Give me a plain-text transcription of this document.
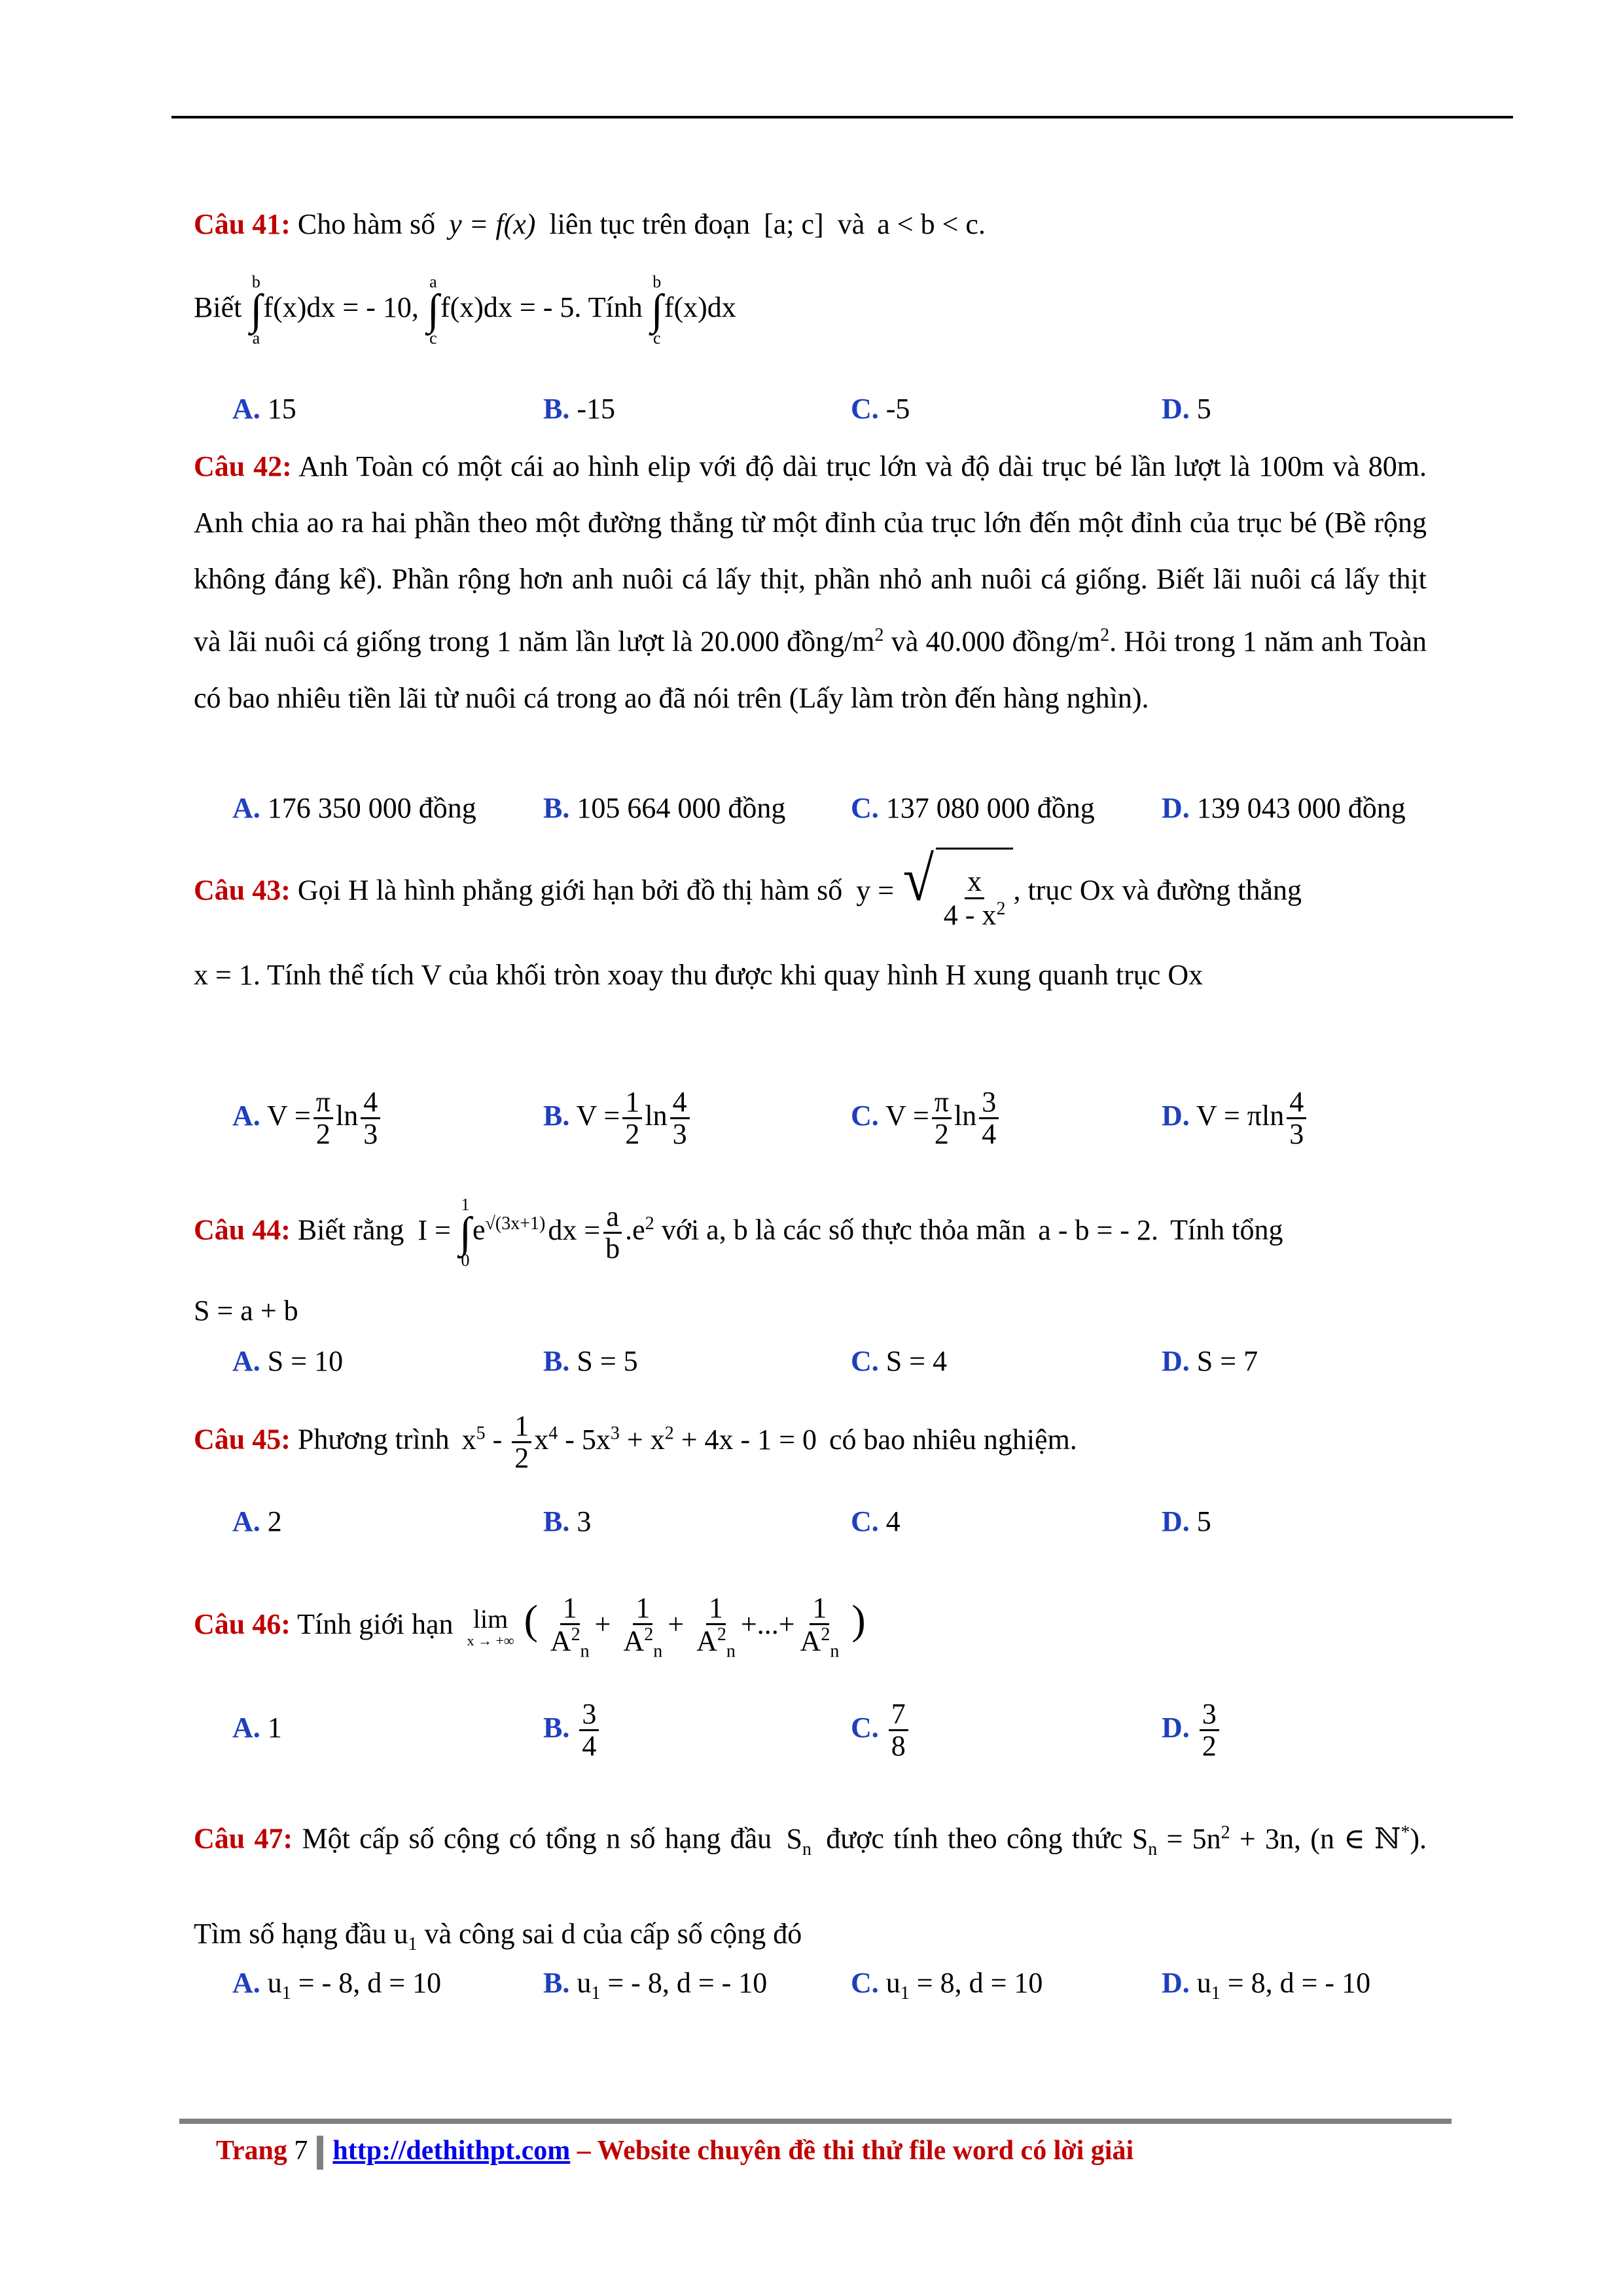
Câu 41: Cho hàm số y = f(x) liên tục trên đoạn [a; c] và a < b < c.
Biết
b
∫
a
f(x)dx = - 10,
a
∫
c
f(x)dx = - 5. Tính
b
∫
c
f(x)dx
A. 15	B. -15	C. -5	D. 5
Câu 42: Anh Toàn có một cái ao hình elip với độ dài trục lớn và độ dài trục bé lần lượt là 100m và 80m. Anh chia ao ra hai phần theo một đường thẳng từ một đỉnh của trục lớn đến một đỉnh của trục bé (Bề rộng không đáng kể). Phần rộng hơn anh nuôi cá lấy thịt, phần nhỏ anh nuôi cá giống. Biết lãi nuôi cá lấy thịt và lãi nuôi cá giống trong 1 năm lần lượt là 20.000 đồng/$m^2$ và 40.000 đồng/$m^2$. Hỏi trong 1 năm anh Toàn có bao nhiêu tiền lãi từ nuôi cá trong ao đã nói trên (Lấy làm tròn đến hàng nghìn).
A. 176 350 000 đồng B. 105 664 000 đồng C. 137 080 000 đồng D. 139 043 000 đồng
Câu 43: Gọi H là hình phẳng giới hạn bởi đồ thị hàm số y = √ $\frac{x}{4 - x^2}$ , trục Ox và đường thẳng
x = 1. Tính thể tích V của khối tròn xoay thu được khi quay hình H xung quanh trục Ox
A. $V = \frac{\pi}{2}$ $\ln \frac{4}{3}$	B. $V = \frac{1}{2}$ $\ln \frac{4}{3}$	C. $V = \frac{\pi}{2}$ $\ln \frac{3}{4}$	D. V = πln $\frac{4}{3}$
Câu 44: Biết rằng I =
1
∫
0
$e^{√(3x+1)}dx = \frac{a}{b} .e^2$ với a, b là các số thực thỏa mãn a - b = - 2. Tính tổng
S = a + b
A. S = 10	B. S = 5	C. S = 4	D. S = 7
Câu 45: Phương trình $x^5 - \frac{1}{2} x^4 - 5x^3 + x^2 + 4x - 1 = 0$ có bao nhiêu nghiệm.
A. 2	B. 3	C. 4	D. 5
Câu 46: Tính giới hạn lim
x → +∞ ( $\frac{1}{A^2_n} + \frac{1}{A^2_n} + \frac{1}{A^2_n}$ +...+ $\frac{1}{A^2_n}$ )
A. 1	B. $\frac{3}{4}$	C. $\frac{7}{8}$	D. $\frac{3}{2}$
Câu 47: Một cấp số cộng có tổng n số hạng đầu $S_n$ được tính theo công thức $S_n = 5n^2 + 3n$, (n ∈ ℕ*). Tìm số hạng đầu $u_1$ và công sai d của cấp số cộng đó
A. $u_1$ = - 8, d = 10	B. $u_1$ = - 8, d = - 10	C. $u_1 = 8$, d = 10	D. $u_1 = 8$, d = - 10
Trang 7 http://dethithpt.com – Website chuyên đề thi thử file word có lời giải
